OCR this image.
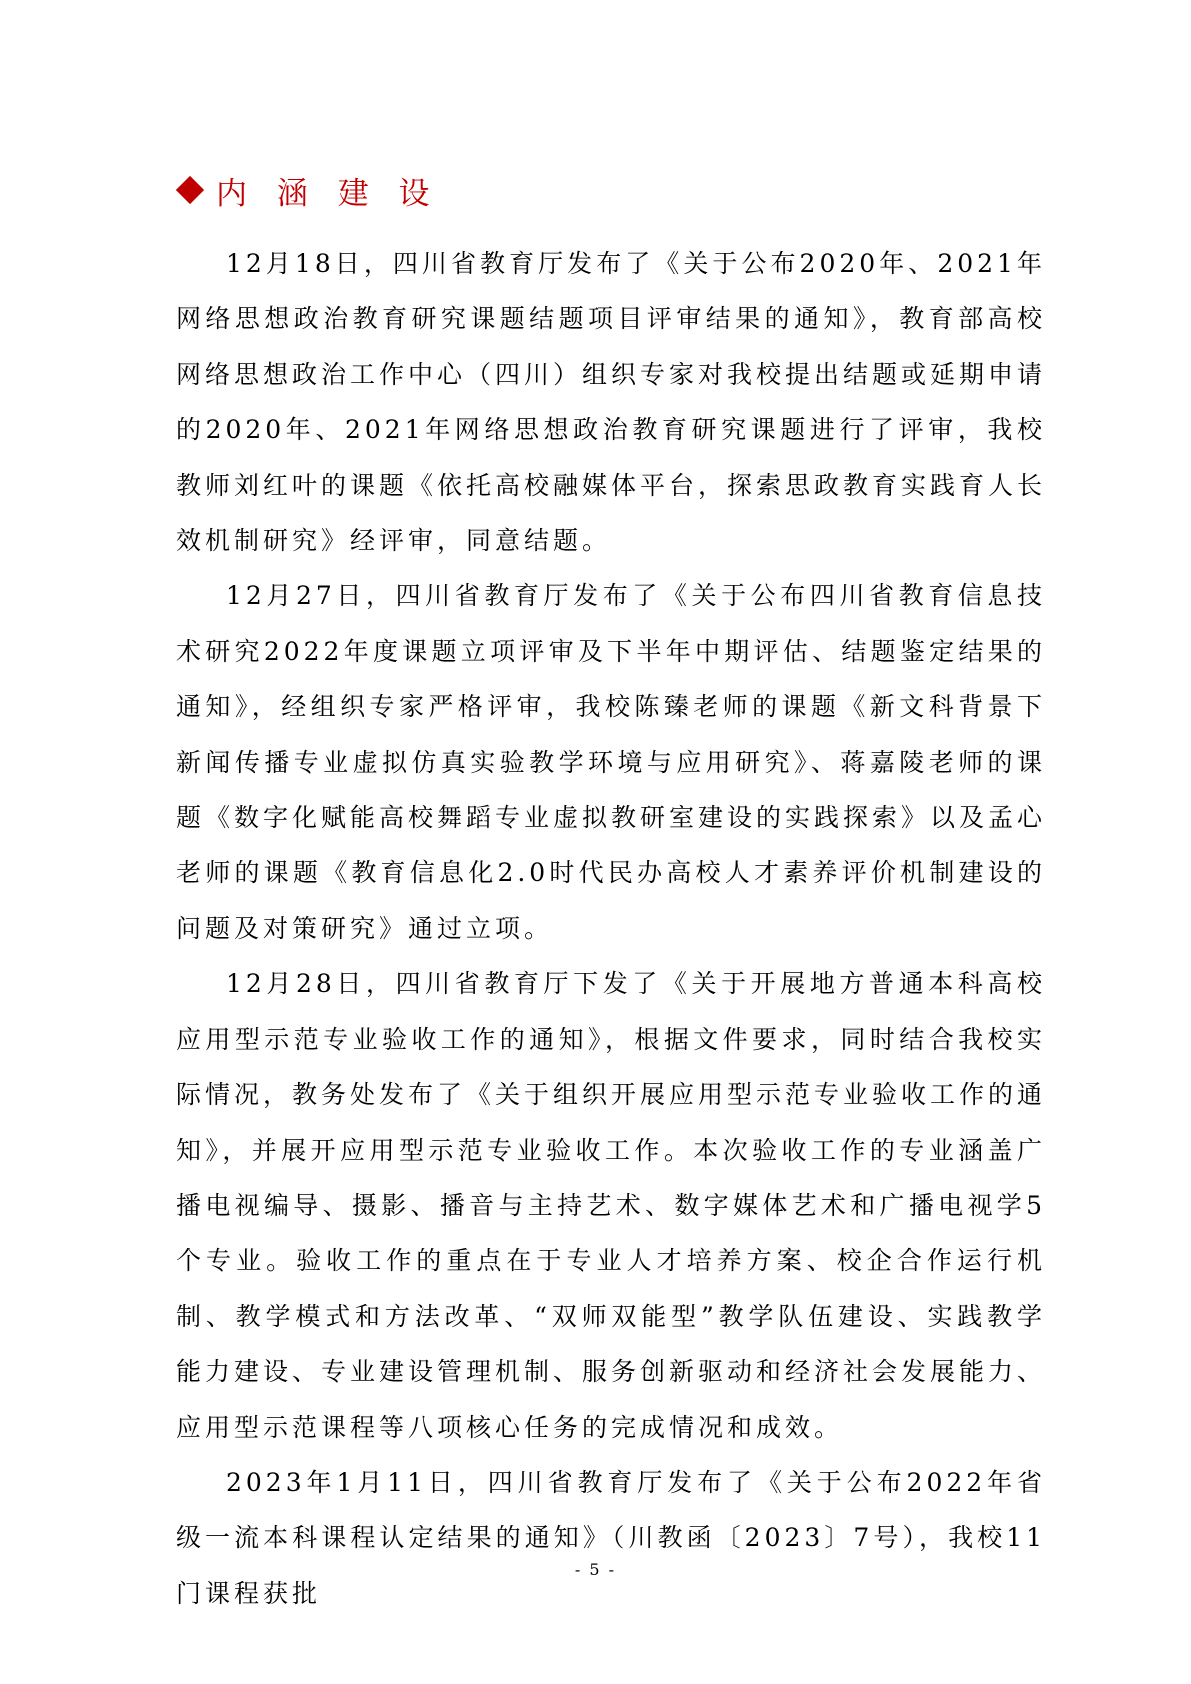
内 涵 建 设

12月18日，四川省教育厅发布了《关于公布2020年、2021年网络思想政治教育研究课题结题项目评审结果的通知》，教育部高校网络思想政治工作中心（四川）组织专家对我校提出结题或延期申请的2020年、2021年网络思想政治教育研究课题进行了评审，我校教师刘红叶的课题《依托高校融媒体平台，探索思政教育实践育人长效机制研究》经评审，同意结题。

12月27日，四川省教育厅发布了《关于公布四川省教育信息技术研究2022年度课题立项评审及下半年中期评估、结题鉴定结果的通知》，经组织专家严格评审，我校陈臻老师的课题《新文科背景下新闻传播专业虚拟仿真实验教学环境与应用研究》、蒋嘉陵老师的课题《数字化赋能高校舞蹈专业虚拟教研室建设的实践探索》以及孟心老师的课题《教育信息化2.0时代民办高校人才素养评价机制建设的问题及对策研究》通过立项。

12月28日，四川省教育厅下发了《关于开展地方普通本科高校应用型示范专业验收工作的通知》，根据文件要求，同时结合我校实际情况，教务处发布了《关于组织开展应用型示范专业验收工作的通知》，并展开应用型示范专业验收工作。本次验收工作的专业涵盖广播电视编导、摄影、播音与主持艺术、数字媒体艺术和广播电视学5个专业。验收工作的重点在于专业人才培养方案、校企合作运行机制、教学模式和方法改革、“双师双能型”教学队伍建设、实践教学能力建设、专业建设管理机制、服务创新驱动和经济社会发展能力、应用型示范课程等八项核心任务的完成情况和成效。

2023年1月11日，四川省教育厅发布了《关于公布2022年省级一流本科课程认定结果的通知》（川教函〔2023〕7号），我校11门课程获批

- 5 -
